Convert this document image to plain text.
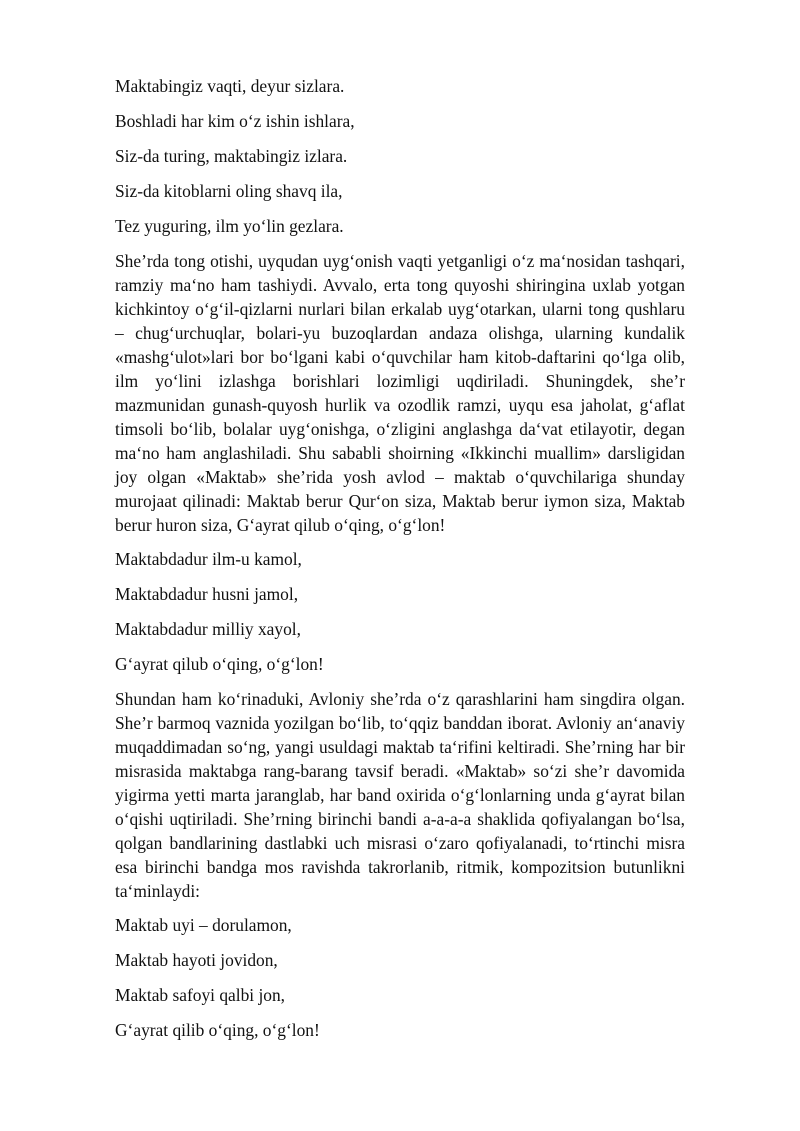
Maktabingiz vaqti, deyur sizlara.

Boshladi har kim o‘z ishin ishlara,

Siz-da turing, maktabingiz izlara.

Siz-da kitoblarni oling shavq ila,

Tez yuguring, ilm yo‘lin gezlara.

She’rda tong otishi, uyqudan uyg‘onish vaqti yetganligi o‘z ma‘nosidan tashqari, ramziy ma‘no ham tashiydi. Avvalo, erta tong quyoshi shiringina uxlab yotgan kichkintoy o‘g‘il-qizlarni nurlari bilan erkalab uyg‘otarkan, ularni tong qushlaru – chug‘urchuqlar, bolari-yu buzoqlardan andaza olishga, ularning kundalik «mashg‘ulot»lari bor bo‘lgani kabi o‘quvchilar ham kitob-daftarini qo‘lga olib, ilm yo‘lini izlashga borishlari lozimligi uqdiriladi. Shuningdek, she’r mazmunidan gunash-quyosh hurlik va ozodlik ramzi, uyqu esa jaholat, g‘aflat timsoli bo‘lib, bolalar uyg‘onishga, o‘zligini anglashga da‘vat etilayotir, degan ma‘no ham anglashiladi. Shu sababli shoirning «Ikkinchi muallim» darsligidan joy olgan «Maktab» she’rida yosh avlod – maktab o‘quvchilariga shunday murojaat qilinadi: Maktab berur Qur‘on siza, Maktab berur iymon siza, Maktab berur huron siza, G‘ayrat qilub o‘qing, o‘g‘lon!

Maktabdadur ilm-u kamol,

Maktabdadur husni jamol,

Maktabdadur milliy xayol,

G‘ayrat qilub o‘qing, o‘g‘lon!

Shundan ham ko‘rinaduki, Avloniy she’rda o‘z qarashlarini ham singdira olgan. She’r barmoq vaznida yozilgan bo‘lib, to‘qqiz banddan iborat. Avloniy an‘anaviy muqaddimadan so‘ng, yangi usuldagi maktab ta‘rifini keltiradi. She’rning har bir misrasida maktabga rang-barang tavsif beradi. «Maktab» so‘zi she’r davomida yigirma yetti marta jaranglab, har band oxirida o‘g‘lonlarning unda g‘ayrat bilan o‘qishi uqtiriladi. She’rning birinchi bandi a-a-a-a shaklida qofiyalangan bo‘lsa, qolgan bandlarining dastlabki uch misrasi o‘zaro qofiyalanadi, to‘rtinchi misra esa birinchi bandga mos ravishda takrorlanib, ritmik, kompozitsion butunlikni ta‘minlaydi:

Maktab uyi – dorulamon,

Maktab hayoti jovidon,

Maktab safoyi qalbi jon,

G‘ayrat qilib o‘qing, o‘g‘lon!
